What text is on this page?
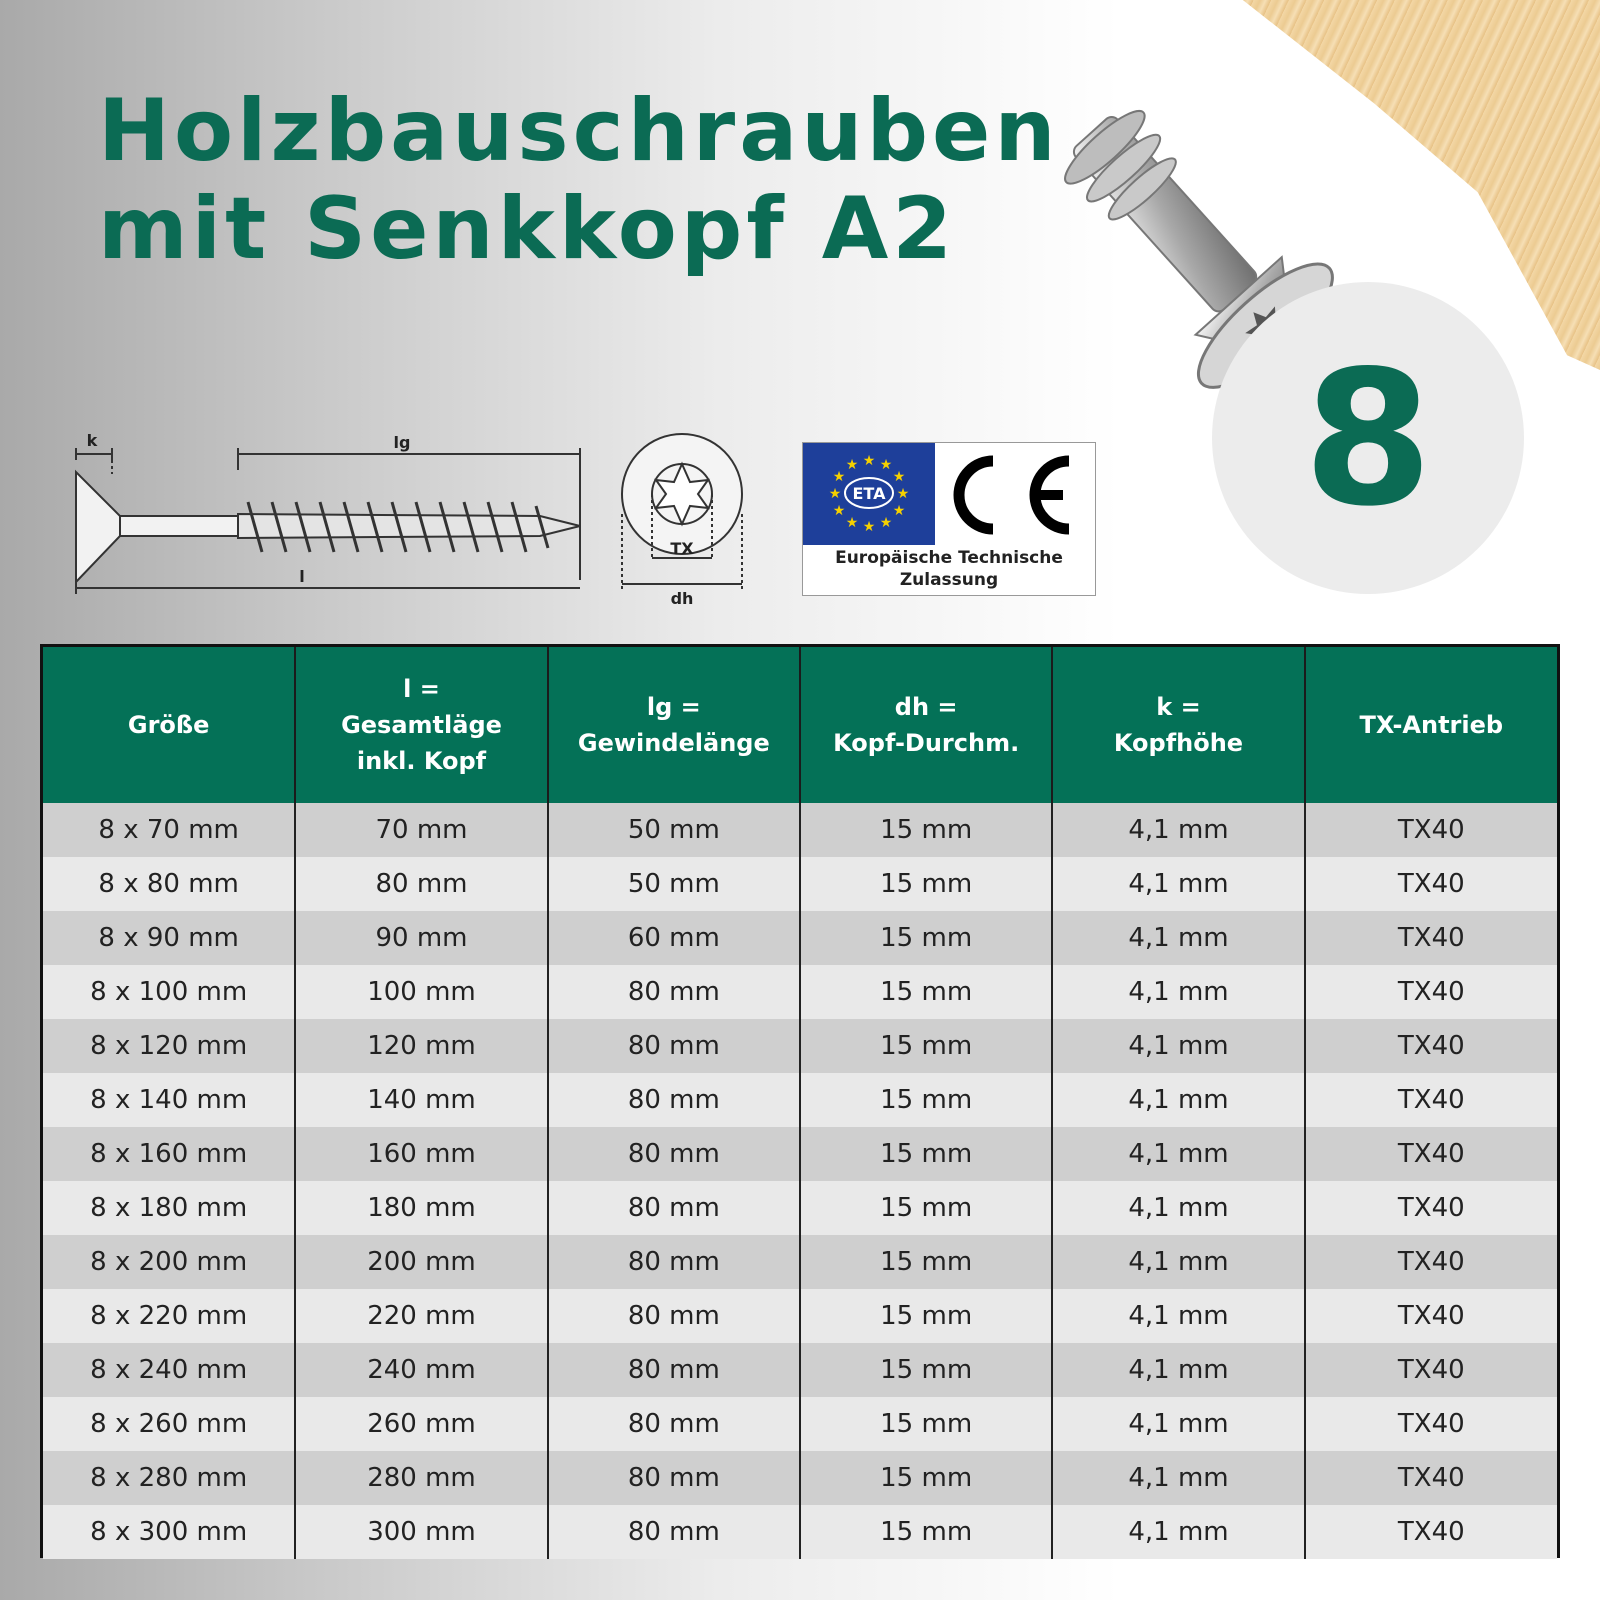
Holzbauschrauben
mit Senkkopf A2
8
k	lg
l
TX
dh
★ ★
★
★
★
★
★
★
★
★
★
★
ETA
Europäische Technische
Zulassung
Größe	l =
Gesamtläge
inkl. Kopf	lg =
Gewindelänge	dh =
Kopf-Durchm.	k =
Kopfhöhe	TX-Antrieb

8 x 70 mm	70 mm	50 mm	15 mm	4,1 mm	TX40
8 x 80 mm	80 mm	50 mm	15 mm	4,1 mm	TX40
8 x 90 mm	90 mm	60 mm	15 mm	4,1 mm	TX40
8 x 100 mm	100 mm	80 mm	15 mm	4,1 mm	TX40
8 x 120 mm	120 mm	80 mm	15 mm	4,1 mm	TX40
8 x 140 mm	140 mm	80 mm	15 mm	4,1 mm	TX40
8 x 160 mm	160 mm	80 mm	15 mm	4,1 mm	TX40
8 x 180 mm	180 mm	80 mm	15 mm	4,1 mm	TX40
8 x 200 mm	200 mm	80 mm	15 mm	4,1 mm	TX40
8 x 220 mm	220 mm	80 mm	15 mm	4,1 mm	TX40
8 x 240 mm	240 mm	80 mm	15 mm	4,1 mm	TX40
8 x 260 mm	260 mm	80 mm	15 mm	4,1 mm	TX40
8 x 280 mm	280 mm	80 mm	15 mm	4,1 mm	TX40
8 x 300 mm	300 mm	80 mm	15 mm	4,1 mm	TX40
